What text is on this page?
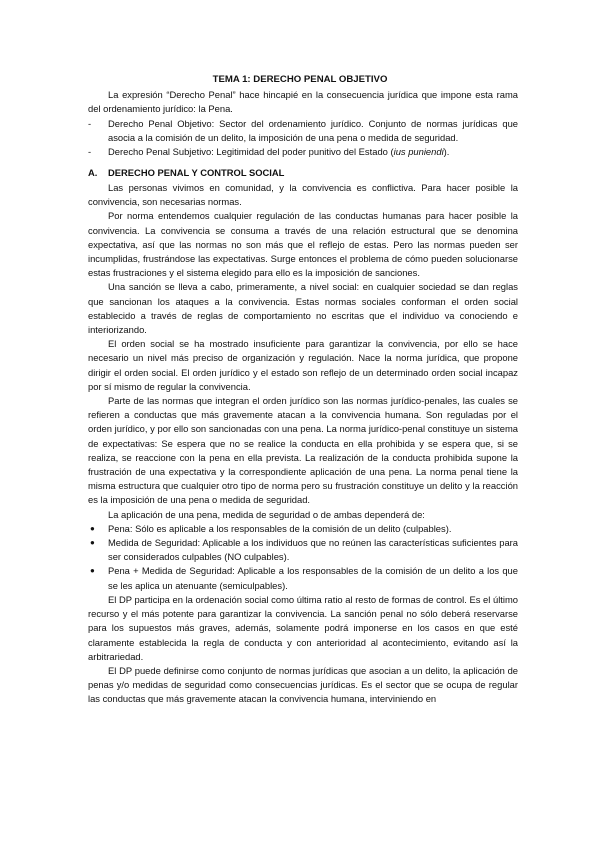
TEMA 1: DERECHO PENAL OBJETIVO

La expresión “Derecho Penal” hace hincapié en la consecuencia jurídica que impone esta rama del ordenamiento jurídico: la Pena.

- Derecho Penal Objetivo: Sector del ordenamiento jurídico. Conjunto de normas jurídicas que asocia a la comisión de un delito, la imposición de una pena o medida de seguridad.
- Derecho Penal Subjetivo: Legitimidad del poder punitivo del Estado (ius puniendi).
A. DERECHO PENAL Y CONTROL SOCIAL

Las personas vivimos en comunidad, y la convivencia es conflictiva. Para hacer posible la convivencia, son necesarias normas.

Por norma entendemos cualquier regulación de las conductas humanas para hacer posible la convivencia. La convivencia se consuma a través de una relación estructural que se denomina expectativa, así que las normas no son más que el reflejo de estas. Pero las normas pueden ser incumplidas, frustrándose las expectativas. Surge entonces el problema de cómo pueden solucionarse estas frustraciones y el sistema elegido para ello es la imposición de sanciones.

Una sanción se lleva a cabo, primeramente, a nivel social: en cualquier sociedad se dan reglas que sancionan los ataques a la convivencia. Estas normas sociales conforman el orden social establecido a través de reglas de comportamiento no escritas que el individuo va conociendo e interiorizando.

El orden social se ha mostrado insuficiente para garantizar la convivencia, por ello se hace necesario un nivel más preciso de organización y regulación. Nace la norma jurídica, que propone dirigir el orden social. El orden jurídico y el estado son reflejo de un determinado orden social incapaz por sí mismo de regular la convivencia.

Parte de las normas que integran el orden jurídico son las normas jurídico-penales, las cuales se refieren a conductas que más gravemente atacan a la convivencia humana. Son reguladas por el orden jurídico, y por ello son sancionadas con una pena. La norma jurídico-penal constituye un sistema de expectativas: Se espera que no se realice la conducta en ella prohibida y se espera que, si se realiza, se reaccione con la pena en ella prevista. La realización de la conducta prohibida supone la frustración de una expectativa y la correspondiente aplicación de una pena. La norma penal tiene la misma estructura que cualquier otro tipo de norma pero su frustración constituye un delito y la reacción es la imposición de una pena o medida de seguridad.

La aplicación de una pena, medida de seguridad o de ambas dependerá de:

● Pena: Sólo es aplicable a los responsables de la comisión de un delito (culpables).
● Medida de Seguridad: Aplicable a los individuos que no reúnen las características suficientes para ser considerados culpables (NO culpables).
● Pena + Medida de Seguridad: Aplicable a los responsables de la comisión de un delito a los que se les aplica un atenuante (semiculpables).

El DP participa en la ordenación social como última ratio al resto de formas de control. Es el último recurso y el más potente para garantizar la convivencia. La sanción penal no sólo deberá reservarse para los supuestos más graves, además, solamente podrá imponerse en los casos en que esté claramente establecida la regla de conducta y con anterioridad al acontecimiento, evitando así la arbitrariedad.

El DP puede definirse como conjunto de normas jurídicas que asocian a un delito, la aplicación de penas y/o medidas de seguridad como consecuencias jurídicas. Es el sector que se ocupa de regular las conductas que más gravemente atacan la convivencia humana, interviniendo en
